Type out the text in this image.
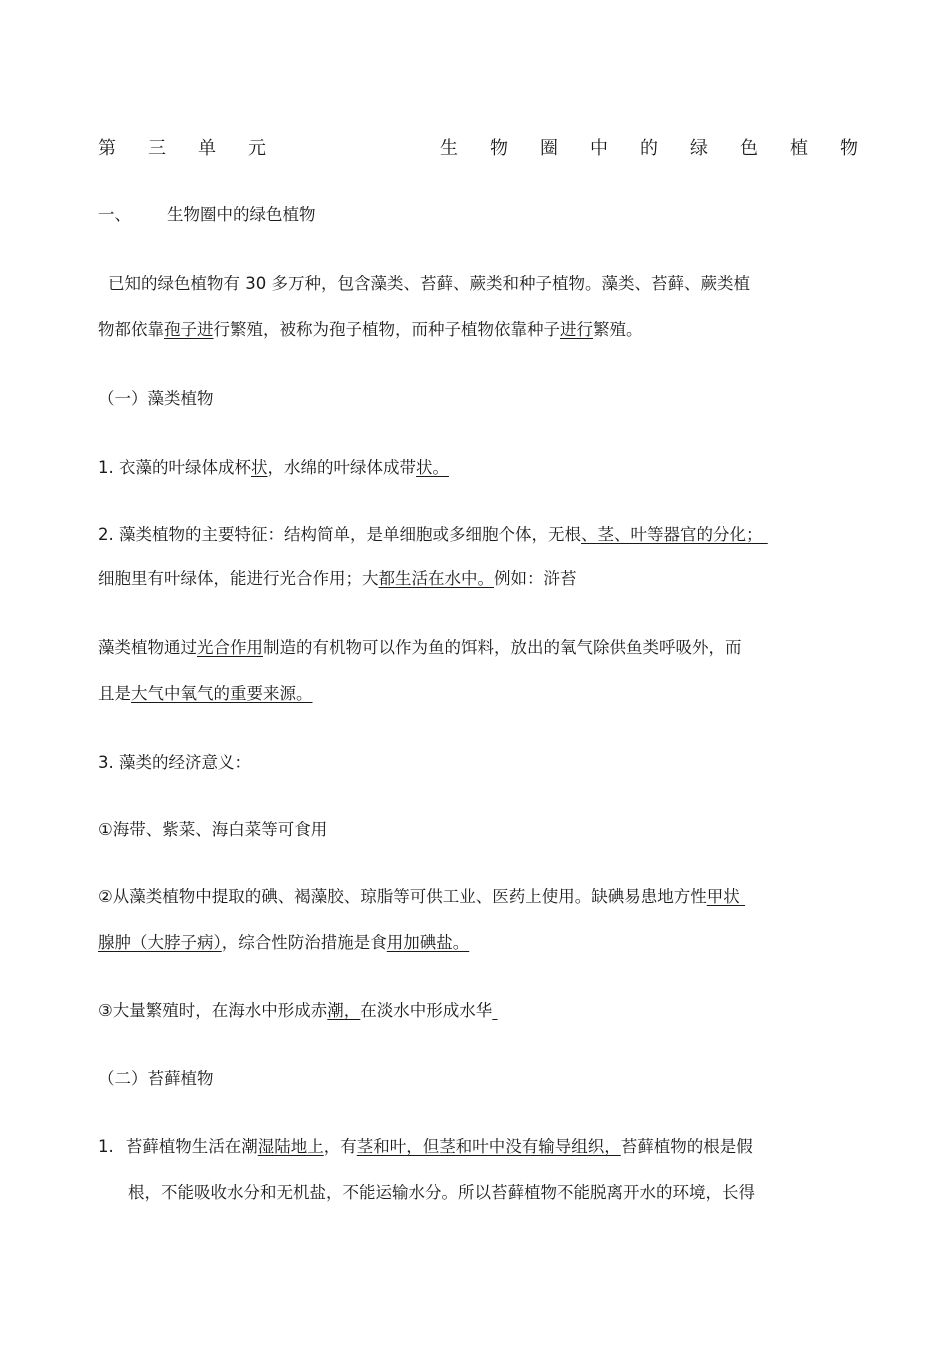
第 三 单 元	生 物 圈 中 的 绿 色 植 物
一、 生物圈中的绿色植物
已知的绿色植物有 30 多万种，包含藻类、苔藓、蕨类和种子植物。藻类、苔藓、蕨类植
物都依靠孢子进行繁殖，被称为孢子植物，而种子植物依靠种子进行繁殖。
（一）藻类植物
1. 衣藻的叶绿体成杯状，水绵的叶绿体成带状。
2. 藻类植物的主要特征：结构简单，是单细胞或多细胞个体，无根、茎、叶等器官的分化；
细胞里有叶绿体，能进行光合作用；大都生活在水中。例如：浒苔
藻类植物通过光合作用制造的有机物可以作为鱼的饵料，放出的氧气除供鱼类呼吸外，而
且是大气中氧气的重要来源。
3. 藻类的经济意义：
①海带、紫菜、海白菜等可食用
②从藻类植物中提取的碘、褐藻胶、琼脂等可供工业、医药上使用。缺碘易患地方性甲状
腺肿（大脖子病），综合性防治措施是食用加碘盐。
③大量繁殖时，在海水中形成赤潮，在淡水中形成水华
（二）苔藓植物
1. 苔藓植物生活在潮湿陆地上，有茎和叶，但茎和叶中没有输导组织，苔藓植物的根是假
根，不能吸收水分和无机盐，不能运输水分。所以苔藓植物不能脱离开水的环境，长得
